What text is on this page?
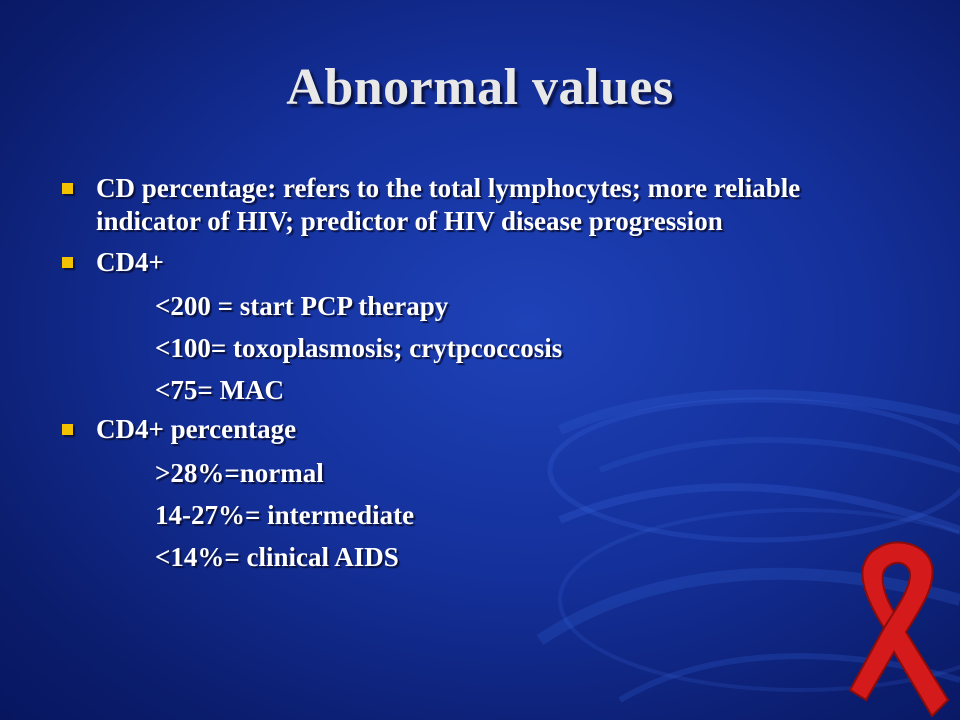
Abnormal values
CD percentage: refers to the total lymphocytes; more reliable indicator of HIV; predictor of HIV disease progression
CD4+
<200 = start PCP therapy
<100= toxoplasmosis; crytpcoccosis
<75= MAC
CD4+ percentage
>28%=normal
14-27%= intermediate
<14%= clinical AIDS
